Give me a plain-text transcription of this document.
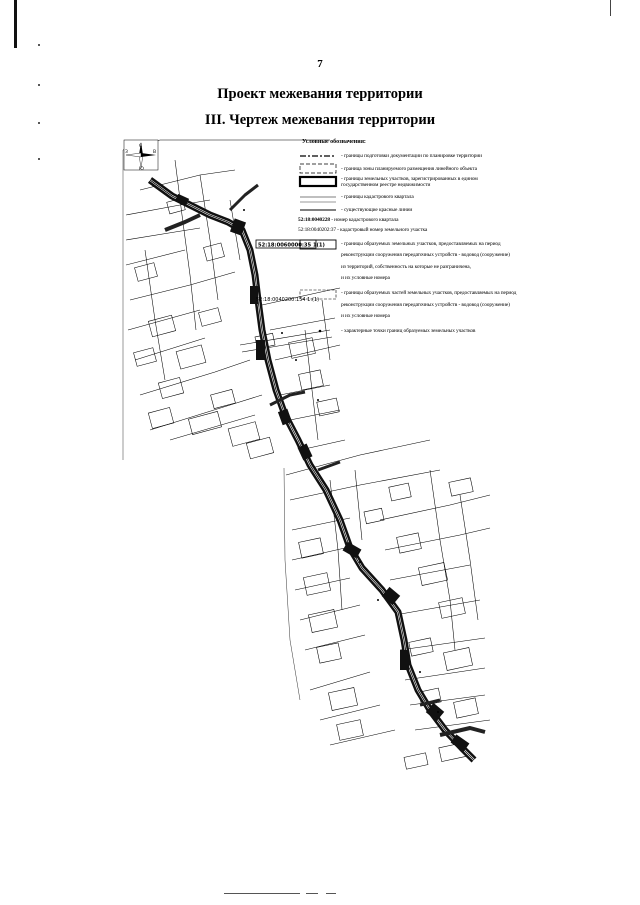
7
Проект межевания территории
III. Чертеж межевания территории
С
Ю
З	В
52:18:0060000:35 1(1)
52:18:0040200:154 1:(1)
Условные обозначения:
- границы подготовки документации по планировке территории
- граница зоны планируемого размещения линейного объекта
- границы земельных участков, зарегистрированных в едином
государственном реестре недвижимости
- границы кадастрового квартала
- существующие красные линии
52:18:0040228 - номер кадастрового квартала
52:18:0040202:37 - кадастровый номер земельного участка
- границы образуемых земельных участков, предоставляемых на период
реконструкции сооружения передаточных устройств - водовод (сооружение)
из территорий, собственность на которые не разграничена,
и их условные номера
- границы образуемых частей земельных участков, предоставляемых на период
реконструкции сооружения передаточных устройств - водовод (сооружение)
и их условные номера
- характерные точки границ образуемых земельных участков
